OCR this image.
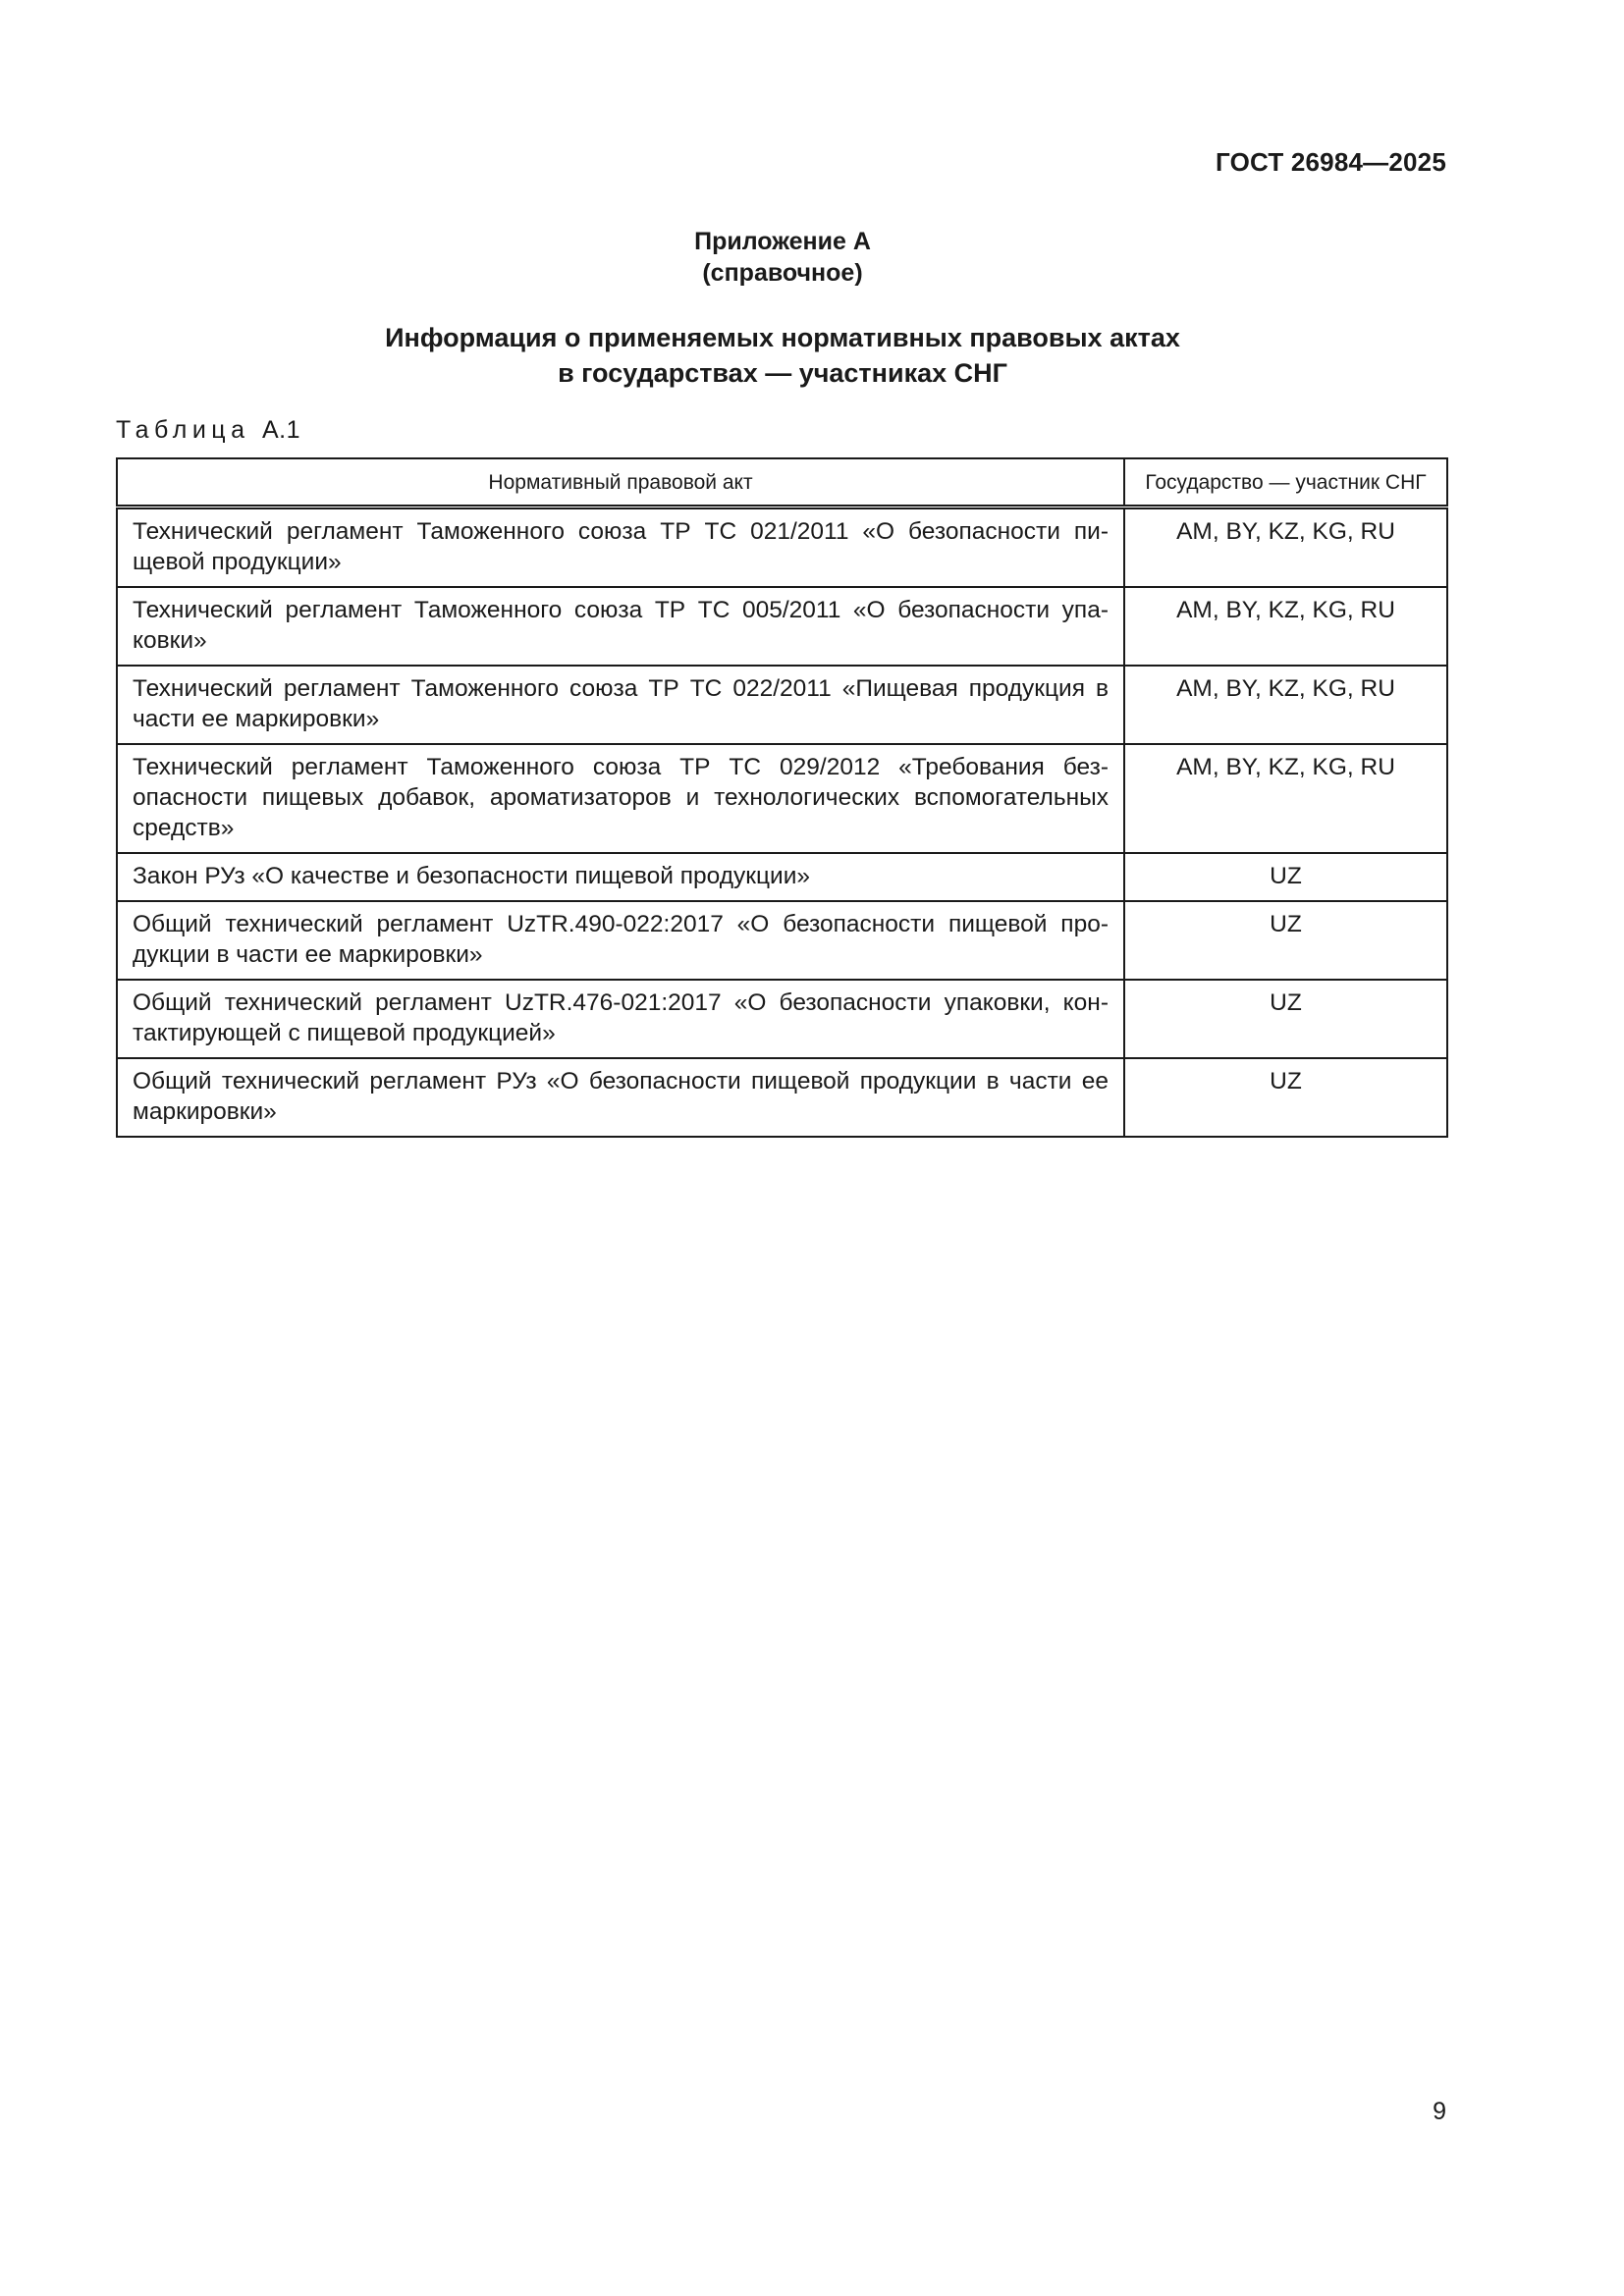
ГОСТ 26984—2025
Приложение А
(справочное)
Информация о применяемых нормативных правовых актах
в государствах — участниках СНГ
Таблица А.1
Нормативный правовой акт	Государство — участник СНГ
Технический регламент Таможенного союза ТР ТС 021/2011 «О безопасности пищевой продукции»	AM, BY, KZ, KG, RU
Технический регламент Таможенного союза ТР ТС 005/2011 «О безопасности упаковки»	AM, BY, KZ, KG, RU
Технический регламент Таможенного союза ТР ТС 022/2011 «Пищевая продукция в части ее маркировки»	AM, BY, KZ, KG, RU
Технический регламент Таможенного союза ТР ТС 029/2012 «Требования безопасности пищевых добавок, ароматизаторов и технологических вспомогательных средств»	AM, BY, KZ, KG, RU
Закон РУз «О качестве и безопасности пищевой продукции»	UZ
Общий технический регламент UzTR.490-022:2017 «О безопасности пищевой продукции в части ее маркировки»	UZ
Общий технический регламент UzTR.476-021:2017 «О безопасности упаковки, контактирующей с пищевой продукцией»	UZ
Общий технический регламент РУз «О безопасности пищевой продукции в части ее маркировки»	UZ
9
